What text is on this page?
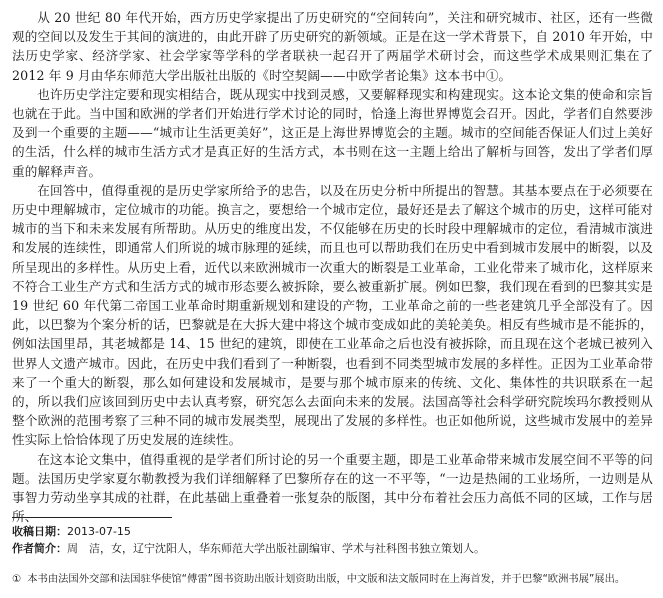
从 20 世纪 80 年代开始，西方历史学家提出了历史研究的“空间转向”，关注和研究城市、社区，还有一些微观的空间以及发生于其间的演进的，由此开辟了历史研究的新领域。正是在这一学术背景下，自 2010 年开始，中法历史学家、经济学家、社会学家等学科的学者联袂一起召开了两届学术研讨会，而这些学术成果则汇集在了 2012 年 9 月由华东师范大学出版社出版的《时空契阔——中欧学者论集》这本书中①。

也许历史学注定要和现实相结合，既从现实中找到灵感，又要解释现实和构建现实。这本论文集的使命和宗旨也就在于此。当中国和欧洲的学者们开始进行学术讨论的同时，恰逢上海世界博览会召开。因此，学者们自然要涉及到一个重要的主题——“城市让生活更美好”，这正是上海世界博览会的主题。城市的空间能否保证人们过上美好的生活，什么样的城市生活方式才是真正好的生活方式，本书则在这一主题上给出了解析与回答，发出了学者们厚重的解释声音。

在回答中，值得重视的是历史学家所给予的忠告，以及在历史分析中所提出的智慧。其基本要点在于必须要在历史中理解城市，定位城市的功能。换言之，要想给一个城市定位，最好还是去了解这个城市的历史，这样可能对城市的当下和未来发展有所帮助。从历史的维度出发，不仅能够在历史的长时段中理解城市的定位，看清城市演进和发展的连续性，即通常人们所说的城市脉理的延续，而且也可以帮助我们在历史中看到城市发展中的断裂，以及所呈现出的多样性。从历史上看，近代以来欧洲城市一次重大的断裂是工业革命，工业化带来了城市化，这样原来不符合工业生产方式和生活方式的城市形态要么被拆除，要么被重新扩展。例如巴黎，我们现在看到的巴黎其实是 19 世纪 60 年代第二帝国工业革命时期重新规划和建设的产物，工业革命之前的一些老建筑几乎全部没有了。因此，以巴黎为个案分析的话，巴黎就是在大拆大建中将这个城市变成如此的美轮美奂。相反有些城市是不能拆的，例如法国里昂，其老城都是 14、15 世纪的建筑，即使在工业革命之后也没有被拆除，而且现在这个老城已被列入世界人文遗产城市。因此，在历史中我们看到了一种断裂，也看到不同类型城市发展的多样性。正因为工业革命带来了一个重大的断裂，那么如何建设和发展城市，是要与那个城市原来的传统、文化、集体性的共识联系在一起的，所以我们应该回到历史中去认真考察，研究怎么去面向未来的发展。法国高等社会科学研究院埃玛尔教授则从整个欧洲的范围考察了三种不同的城市发展类型，展现出了发展的多样性。也正如他所说，这些城市发展中的差异性实际上恰恰体现了历史发展的连续性。

在这本论文集中，值得重视的是学者们所讨论的另一个重要主题，即是工业革命带来城市发展空间不平等的问题。法国历史学家夏尔勒教授为我们详细解释了巴黎所存在的这一不平等，“一边是热闹的工业场所，一边则是从事智力劳动坐享其成的社群，在此基础上重叠着一张复杂的版图，其中分布着社会压力高低不同的区域，工作与居所、

收稿日期：2013-07-15
作者简介：周　洁，女，辽宁沈阳人，华东师范大学出版社副编审、学术与社科图书独立策划人。
① 本书由法国外交部和法国驻华使馆“傅雷”图书资助出版计划资助出版，中文版和法文版同时在上海首发，并于巴黎“欧洲书展”展出。
